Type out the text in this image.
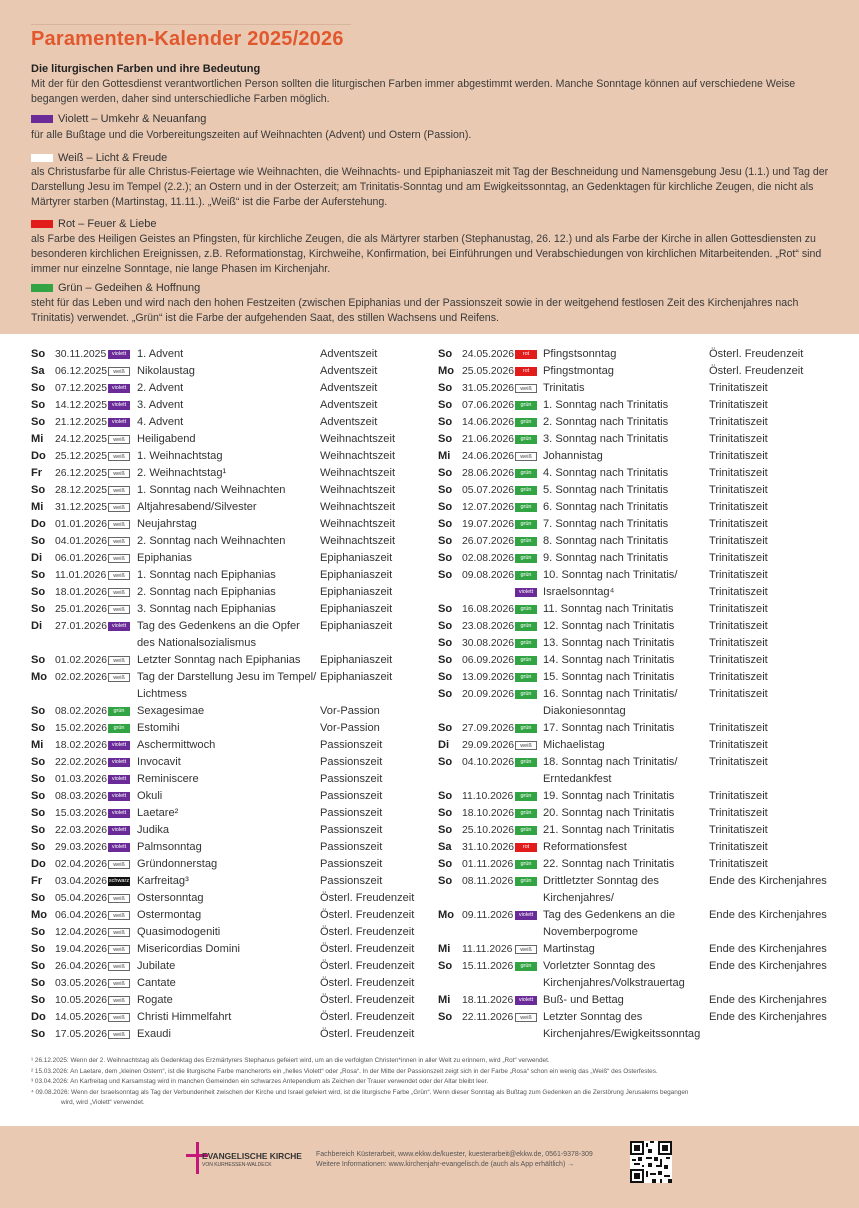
Paramenten-Kalender 2025/2026
Die liturgischen Farben und ihre Bedeutung
Mit der für den Gottesdienst verantwortlichen Person sollten die liturgischen Farben immer abgestimmt werden. Manche Sonntage können auf verschiedene Weise begangen werden, daher sind unterschiedliche Farben möglich.
Violett – Umkehr & Neuanfang
für alle Bußtage und die Vorbereitungszeiten auf Weihnachten (Advent) und Ostern (Passion).
Weiß – Licht & Freude
als Christusfarbe für alle Christus-Feiertage wie Weihnachten, die Weihnachts- und Epiphaniaszeit mit Tag der Beschneidung und Namensgebung Jesu (1.1.) und Tag der Darstellung Jesu im Tempel (2.2.); an Ostern und in der Osterzeit; am Trinitatis-Sonntag und am Ewigkeitssonntag, an Gedenktagen für kirchliche Zeugen, die nicht als Märtyrer starben (Martinstag, 11.11.). „Weiß“ ist die Farbe der Auferstehung.
Rot – Feuer & Liebe
als Farbe des Heiligen Geistes an Pfingsten, für kirchliche Zeugen, die als Märtyrer starben (Stephanustag, 26. 12.) und als Farbe der Kirche in allen Gottesdiensten zu besonderen kirchlichen Ereignissen, z.B. Reformationstag, Kirchweihe, Konfirmation, bei Einführungen und Verabschiedungen von kirchlichen Mitarbeitenden. „Rot“ sind immer nur einzelne Sonntage, nie lange Phasen im Kirchenjahr.
Grün – Gedeihen & Hoffnung
steht für das Leben und wird nach den hohen Festzeiten (zwischen Epiphanias und der Passionszeit sowie in der weitgehend festlosen Zeit des Kirchenjahres nach Trinitatis) verwendet. „Grün“ ist die Farbe der aufgehenden Saat, des stillen Wachsens und Reifens.
So 30.11.2025	violett 1. Advent	Adventszeit
Sa 06.12.2025	weiß	Nikolaustag	Adventszeit
So 07.12.2025 violett 2. Advent	Adventszeit
So 14.12.2025 violett 3. Advent	Adventszeit
So 21.12.2025 violett 4. Advent	Adventszeit
Mi 24.12.2025	weiß	Heiligabend	Weihnachtszeit
Do 25.12.2025	weiß	1. Weihnachtstag	Weihnachtszeit
Fr 26.12.2025	weiß	2. Weihnachtstag¹	Weihnachtszeit
So 28.12.2025	weiß	1. Sonntag nach Weihnachten	Weihnachtszeit
Mi 31.12.2025	weiß	Altjahresabend/Silvester	Weihnachtszeit
Do 01.01.2026	weiß	Neujahrstag	Weihnachtszeit
So 04.01.2026	weiß	2. Sonntag nach Weihnachten	Weihnachtszeit
Di 06.01.2026	weiß	Epiphanias	Epiphaniaszeit
So 11.01.2026	weiß	1. Sonntag nach Epiphanias	Epiphaniaszeit
So 18.01.2026	weiß	2. Sonntag nach Epiphanias	Epiphaniaszeit
So 25.01.2026	weiß	3. Sonntag nach Epiphanias	Epiphaniaszeit
Di 27.01.2026 violett Tag des Gedenkens an die Opfer Epiphaniaszeit
des Nationalsozialismus
So 01.02.2026	weiß	Letzter Sonntag nach Epiphanias Epiphaniaszeit
Mo 02.02.2026	weiß	Tag der Darstellung Jesu im Tempel/ Epiphaniaszeit
Lichtmess
So 08.02.2026	grün	Sexagesimae	Vor-Passion
So 15.02.2026	grün	Estomihi	Vor-Passion
Mi 18.02.2026 violett Aschermittwoch	Passionszeit
So 22.02.2026 violett Invocavit	Passionszeit
So 01.03.2026 violett Reminiscere	Passionszeit
So 08.03.2026 violett Okuli	Passionszeit
So 15.03.2026 violett Laetare²	Passionszeit
So 22.03.2026 violett Judika	Passionszeit
So 29.03.2026 violett Palmsonntag	Passionszeit
Do 02.04.2026	weiß	Gründonnerstag	Passionszeit
Fr 03.04.2026 schwarz Karfreitag³	Passionszeit
So 05.04.2026	weiß	Ostersonntag	Österl. Freudenzeit
Mo 06.04.2026	weiß	Ostermontag	Österl. Freudenzeit
So 12.04.2026	weiß	Quasimodogeniti	Österl. Freudenzeit
So 19.04.2026	weiß	Misericordias Domini	Österl. Freudenzeit
So 26.04.2026	weiß	Jubilate	Österl. Freudenzeit
So 03.05.2026	weiß	Cantate	Österl. Freudenzeit
So 10.05.2026	weiß	Rogate	Österl. Freudenzeit
Do 14.05.2026	weiß	Christi Himmelfahrt	Österl. Freudenzeit
So 17.05.2026	weiß	Exaudi	Österl. Freudenzeit
So 24.05.2026	rot	Pfingstsonntag	Österl. Freudenzeit
Mo 25.05.2026	rot	Pfingstmontag	Österl. Freudenzeit
So 31.05.2026	weiß	Trinitatis	Trinitatiszeit
So 07.06.2026	grün	1. Sonntag nach Trinitatis	Trinitatiszeit
So 14.06.2026	grün	2. Sonntag nach Trinitatis	Trinitatiszeit
So 21.06.2026	grün	3. Sonntag nach Trinitatis	Trinitatiszeit
Mi 24.06.2026	weiß	Johannistag	Trinitatiszeit
So 28.06.2026	grün	4. Sonntag nach Trinitatis	Trinitatiszeit
So 05.07.2026	grün	5. Sonntag nach Trinitatis	Trinitatiszeit
So 12.07.2026	grün	6. Sonntag nach Trinitatis	Trinitatiszeit
So 19.07.2026	grün	7. Sonntag nach Trinitatis	Trinitatiszeit
So 26.07.2026	grün	8. Sonntag nach Trinitatis	Trinitatiszeit
So 02.08.2026	grün	9. Sonntag nach Trinitatis	Trinitatiszeit
So 09.08.2026	grün	10. Sonntag nach Trinitatis/	Trinitatiszeit
violett Israelsonntag⁴	Trinitatiszeit
So 16.08.2026	grün	11. Sonntag nach Trinitatis	Trinitatiszeit
So 23.08.2026	grün	12. Sonntag nach Trinitatis	Trinitatiszeit
So 30.08.2026	grün	13. Sonntag nach Trinitatis	Trinitatiszeit
So 06.09.2026	grün	14. Sonntag nach Trinitatis	Trinitatiszeit
So 13.09.2026	grün	15. Sonntag nach Trinitatis	Trinitatiszeit
So 20.09.2026	grün	16. Sonntag nach Trinitatis/	Trinitatiszeit
Diakoniesonntag
So 27.09.2026	grün	17. Sonntag nach Trinitatis	Trinitatiszeit
Di 29.09.2026	weiß	Michaelistag	Trinitatiszeit
So 04.10.2026	grün	18. Sonntag nach Trinitatis/	Trinitatiszeit
Erntedankfest
So 11.10.2026	grün	19. Sonntag nach Trinitatis	Trinitatiszeit
So 18.10.2026	grün	20. Sonntag nach Trinitatis	Trinitatiszeit
So 25.10.2026	grün	21. Sonntag nach Trinitatis	Trinitatiszeit
Sa 31.10.2026	rot	Reformationsfest	Trinitatiszeit
So 01.11.2026	grün	22. Sonntag nach Trinitatis	Trinitatiszeit
So 08.11.2026	grün	Drittletzter Sonntag des	Ende des Kirchenjahres
Kirchenjahres/
Mo 09.11.2026	violett Tag des Gedenkens an die	Ende des Kirchenjahres
Novemberpogrome
Mi 11.11.2026	weiß	Martinstag	Ende des Kirchenjahres
So 15.11.2026	grün	Vorletzter Sonntag des	Ende des Kirchenjahres
Kirchenjahres/Volkstrauertag
Mi 18.11.2026	violett Buß- und Bettag	Ende des Kirchenjahres
So 22.11.2026	weiß	Letzter Sonntag des	Ende des Kirchenjahres
Kirchenjahres/Ewigkeitssonntag
¹ 26.12.2025: Wenn der 2. Weihnachtstag als Gedenktag des Erzmärtyrers Stephanus gefeiert wird, um an die verfolgten Christen*innen in aller Welt zu erinnern, wird „Rot“ verwendet.
² 15.03.2026: An Laetare, dem „kleinen Ostern“, ist die liturgische Farbe mancherorts ein „helles Violett“ oder „Rosa“. In der Mitte der Passionszeit zeigt sich in der Farbe „Rosa“ schon ein wenig das „Weiß“ des Osterfestes.
³ 03.04.2026: An Karfreitag und Karsamstag wird in manchen Gemeinden ein schwarzes Antependium als Zeichen der Trauer verwendet oder der Altar bleibt leer.
⁴ 09.08.2026: Wenn der Israelsonntag als Tag der Verbundenheit zwischen der Kirche und Israel gefeiert wird, ist die liturgische Farbe „Grün“. Wenn dieser Sonntag als Bußtag zum Gedenken an die Zerstörung Jerusalems begangen
wird, wird „Violett“ verwendet.
EVANGELISCHE KIRCHE
VON KURHESSEN-WALDECK
Fachbereich Küsterarbeit, www.ekkw.de/kuester, kuesterarbeit@ekkw.de, 0561-9378-309
Weitere Informationen: www.kirchenjahr-evangelisch.de (auch als App erhältlich) →
